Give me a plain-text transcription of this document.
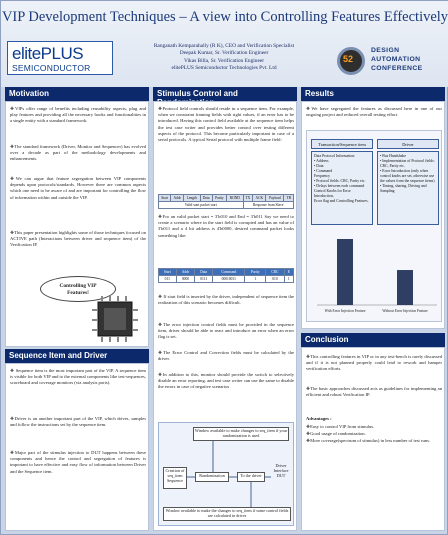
VIP Development Techniques – A view into Controlling Features Effectively
elitePLUS
SEMICONDUCTOR
Ranganath Kemparahally (R K), CEO and Verification Specialist
Deepak Kumar, Sr. Verification Engineer
Vikas Billa, Sr. Verification Engineer
elitePLUS Semiconductor Technologies Pvt. Ltd
52
DESIGN
AUTOMATION
CONFERENCE
Motivation
❖VIPs offer range of benefits including reusability aspects, plug and play features and providing all the necessary hooks and functionalities in a single entity with a standard framework.
❖The standard framework (Driver, Monitor and Sequencer) has evolved over a decade as part of the methodology developments and enhancements.
❖We can argue that feature segregation between VIP components depends upon protocols/standards. However there are common aspects which one need to be aware of and are important for controlling the flow of information within and outside the VIP.
❖This paper presentation highlights some of those techniques focused on ACTIVE path (Interactions between driver and sequence item) of the Verification IP.
Controlling VIP
Features!
Sequence Item and Driver
❖ Sequence item is the most important part of the VIP. A sequence item is visible for both VIP and to the external components like test-sequences, scoreboard and coverage monitors (via analysis ports).
❖Driver is an another important part of the VIP, which drives, samples and follow the instructions set by the sequence item.
❖Major part of the stimulus injection to DUT happens between these components and hence the control and segregation of features is important to have effective and easy flow of information between Driver and the Sequence item.
Stimulus Control and
❖Protocol field controls should reside in a sequence item. For example, when we constraint framing fields with right values, if an error has to be introduced. Having this control field available at the sequence item helps the test case writer and provides better control over testing different aspects of the protocol. This become particularly important in case of a serial protocols. A typical Serial protocol with multiple frame field:
Start	Addr	Length	Data	Parity	ROND	TX	ACK	Payload	TB
Valid start packet start						Response from Slave			
❖For an valid packet start = 3'b010 and End = 3'b011 Say we need to create a scenario where in the start field is corrupted and has an value of 3'b011 and a 4 bit address is 4'b0000, desired command packet looks something like:
Start	Addr	Data	Command	Parity	CRC	E
011	0000	0111	00010011	1	010	1
❖ If start field is inserted by the driver, independent of sequence item the realization of this scenario becomes difficult.
❖The error injection control fields must be provided in the sequence item, driver should be able to react and introduce an error when an error flag is set.
❖The Error Control and Correction fields must be calculated by the driver.
❖In addition to this, monitor should provide the switch to selectively disable an error reporting, and test case writer can use the same to disable the errors in case of negative scenarios
Window available to make changes to seq_item if your randomization is used
Creation of seq_item Sequence
Randomization	To the driver
Driver Interface DUT
Window available to make the changes to seq_item if some control fields are calculated in driver
Results
❖We have segregated the features as discussed here in one of our ongoing project and reduced overall testing effort.
Transaction/Sequence item	Driver
Data Protocol Information:
• Address
• Data
• Command
Frequency
• Protocol fields: CRC, Parity etc.
• Delays between each command
Control Knobs for Error Introduction,
Error flag and Controlling Features.
• Bus Handshake
• Implementation of Protocol fields: CRC, Parity etc.
• Error Introduction (only when control knobs are set, otherwise use the values from the sequence items)
• Timing, sharing, Driving and Sampling
With Error Injection Feature	Without Error Injection Feature
Conclusion
❖This controlling features in VIP or in any test-bench is rarely discussed and if it is not planned properly could lead to rework and hamper verification efforts.
❖The basic approaches discussed acts as guidelines for implementing an efficient and robust Verification IP.
Advantages :
❖Easy to control VIP from stimulus.
❖Good usage of randomization.
❖More coverage(spectrum of stimulus) in less number of test runs.
